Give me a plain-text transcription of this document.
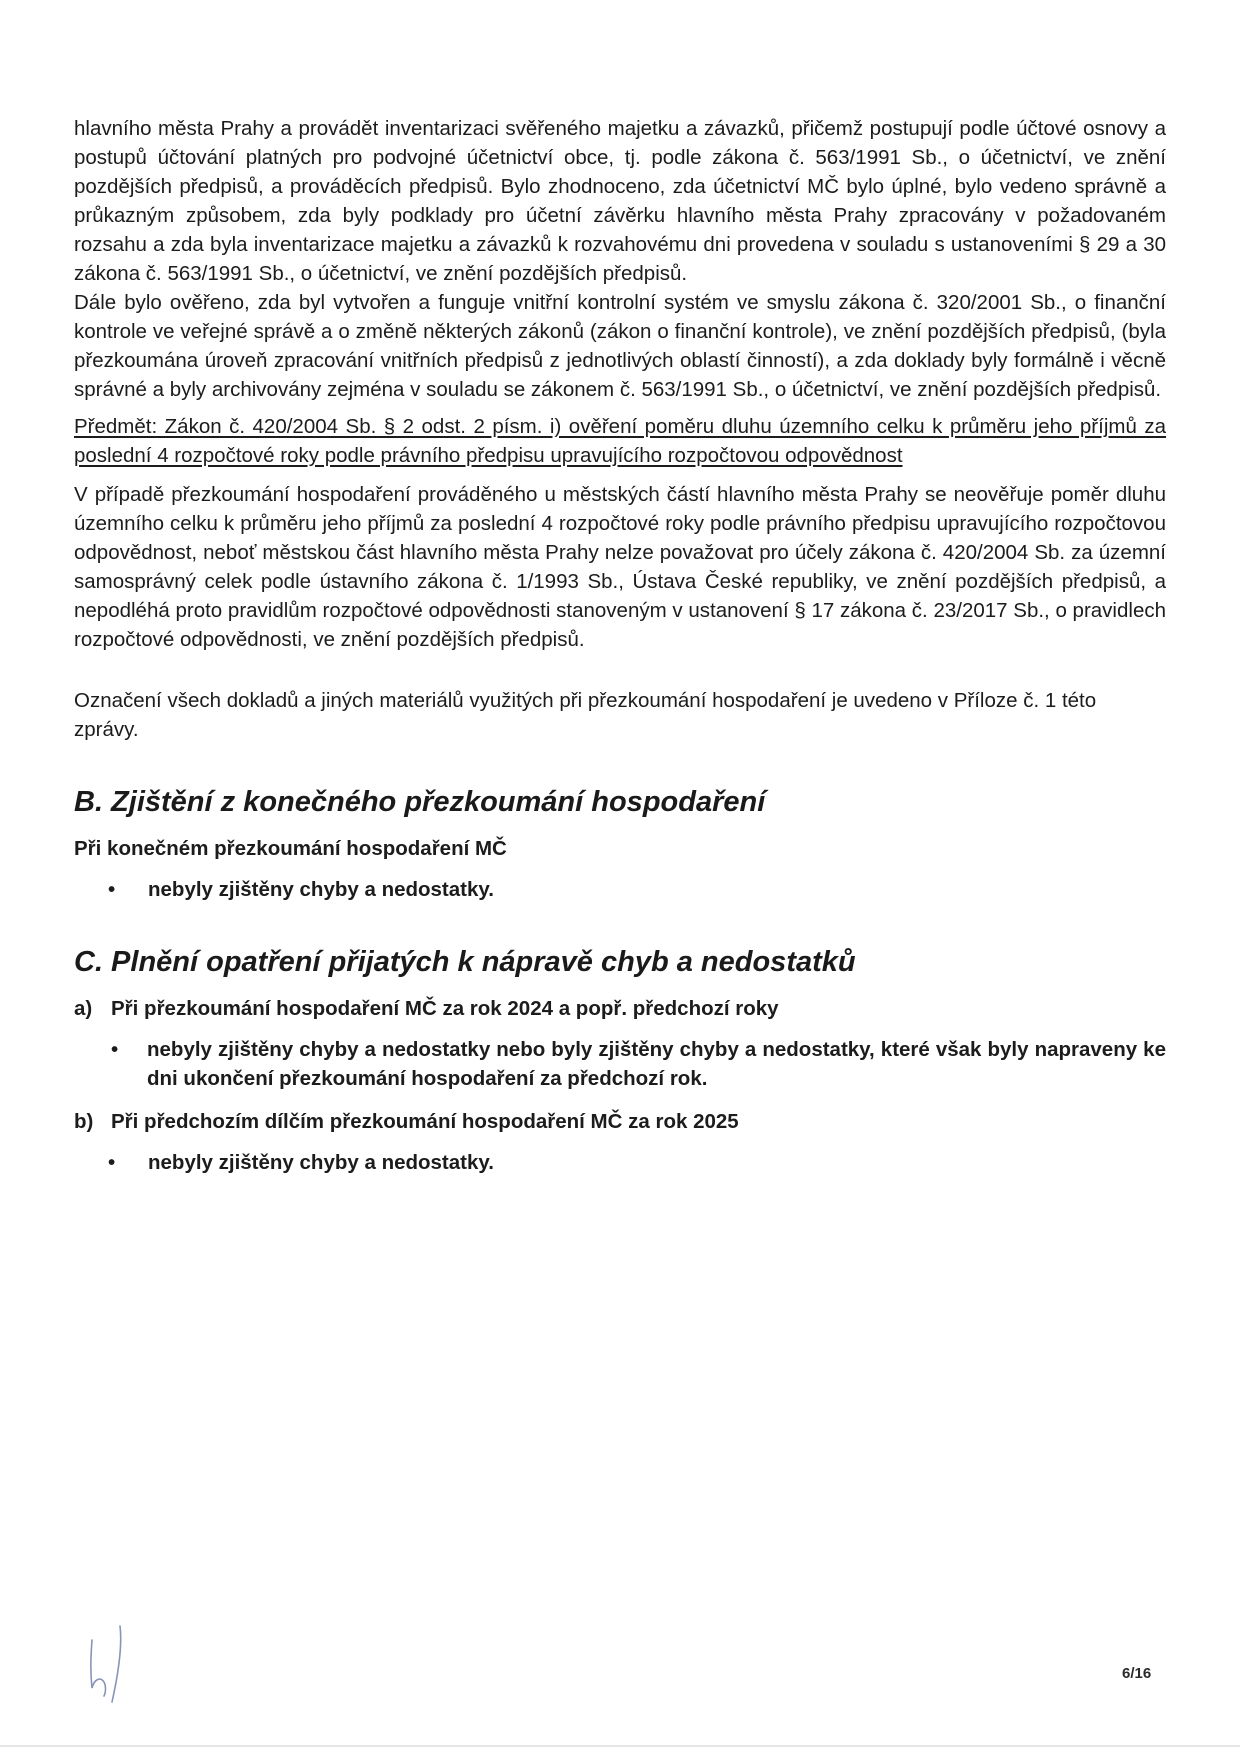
hlavního města Prahy a provádět inventarizaci svěřeného majetku a závazků, přičemž postupují podle účtové osnovy a postupů účtování platných pro podvojné účetnictví obce, tj. podle zákona č. 563/1991 Sb., o účetnictví, ve znění pozdějších předpisů, a prováděcích předpisů. Bylo zhodnoceno, zda účetnictví MČ bylo úplné, bylo vedeno správně a průkazným způsobem, zda byly podklady pro účetní závěrku hlavního města Prahy zpracovány v požadovaném rozsahu a zda byla inventarizace majetku a závazků k rozvahovému dni provedena v souladu s ustanoveními § 29 a 30 zákona č. 563/1991 Sb., o účetnictví, ve znění pozdějších předpisů.

Dále bylo ověřeno, zda byl vytvořen a funguje vnitřní kontrolní systém ve smyslu zákona č. 320/2001 Sb., o finanční kontrole ve veřejné správě a o změně některých zákonů (zákon o finanční kontrole), ve znění pozdějších předpisů, (byla přezkoumána úroveň zpracování vnitřních předpisů z jednotlivých oblastí činností), a zda doklady byly formálně i věcně správné a byly archivovány zejména v souladu se zákonem č. 563/1991 Sb., o účetnictví, ve znění pozdějších předpisů.

Předmět: Zákon č. 420/2004 Sb. § 2 odst. 2 písm. i) ověření poměru dluhu územního celku k průměru jeho příjmů za poslední 4 rozpočtové roky podle právního předpisu upravujícího rozpočtovou odpovědnost

V případě přezkoumání hospodaření prováděného u městských částí hlavního města Prahy se neověřuje poměr dluhu územního celku k průměru jeho příjmů za poslední 4 rozpočtové roky podle právního předpisu upravujícího rozpočtovou odpovědnost, neboť městskou část hlavního města Prahy nelze považovat pro účely zákona č. 420/2004 Sb. za územní samosprávný celek podle ústavního zákona č. 1/1993 Sb., Ústava České republiky, ve znění pozdějších předpisů, a nepodléhá proto pravidlům rozpočtové odpovědnosti stanoveným v ustanovení § 17 zákona č. 23/2017 Sb., o pravidlech rozpočtové odpovědnosti, ve znění pozdějších předpisů.

Označení všech dokladů a jiných materiálů využitých při přezkoumání hospodaření je uvedeno v Příloze č. 1 této zprávy.

B. Zjištění z konečného přezkoumání hospodaření
Při konečném přezkoumání hospodaření MČ
• nebyly zjištěny chyby a nedostatky.
C. Plnění opatření přijatých k nápravě chyb a nedostatků
a) Při přezkoumání hospodaření MČ za rok 2024 a popř. předchozí roky
• nebyly zjištěny chyby a nedostatky nebo byly zjištěny chyby a nedostatky, které však byly napraveny ke dni ukončení přezkoumání hospodaření za předchozí rok.
b) Při předchozím dílčím přezkoumání hospodaření MČ za rok 2025
• nebyly zjištěny chyby a nedostatky.
6/16
